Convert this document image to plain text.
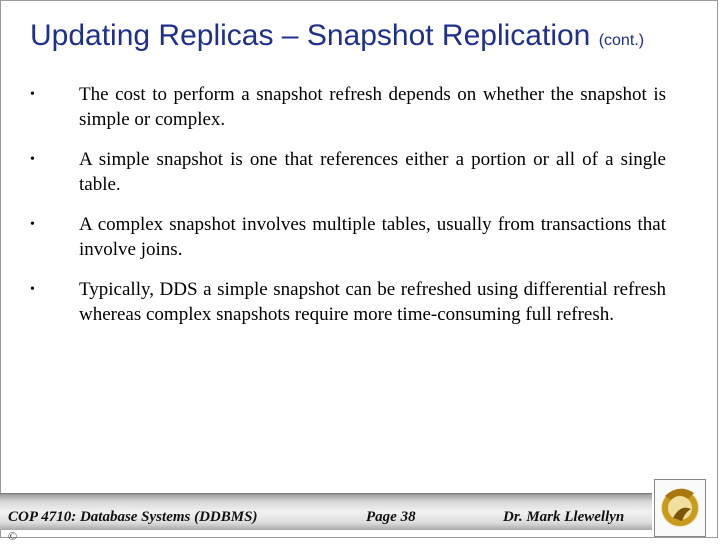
Updating Replicas – Snapshot Replication (cont.)
•	The cost to perform a snapshot refresh depends on whether the snapshot is simple or complex.
•	A simple snapshot is one that references either a portion or all of a single table.
•	A complex snapshot involves multiple tables, usually from transactions that involve joins.
•	Typically, DDS a simple snapshot can be refreshed using differential refresh whereas complex snapshots require more time-consuming full refresh.
COP 4710: Database Systems (DDBMS)	Page 38	Dr. Mark Llewellyn
©
